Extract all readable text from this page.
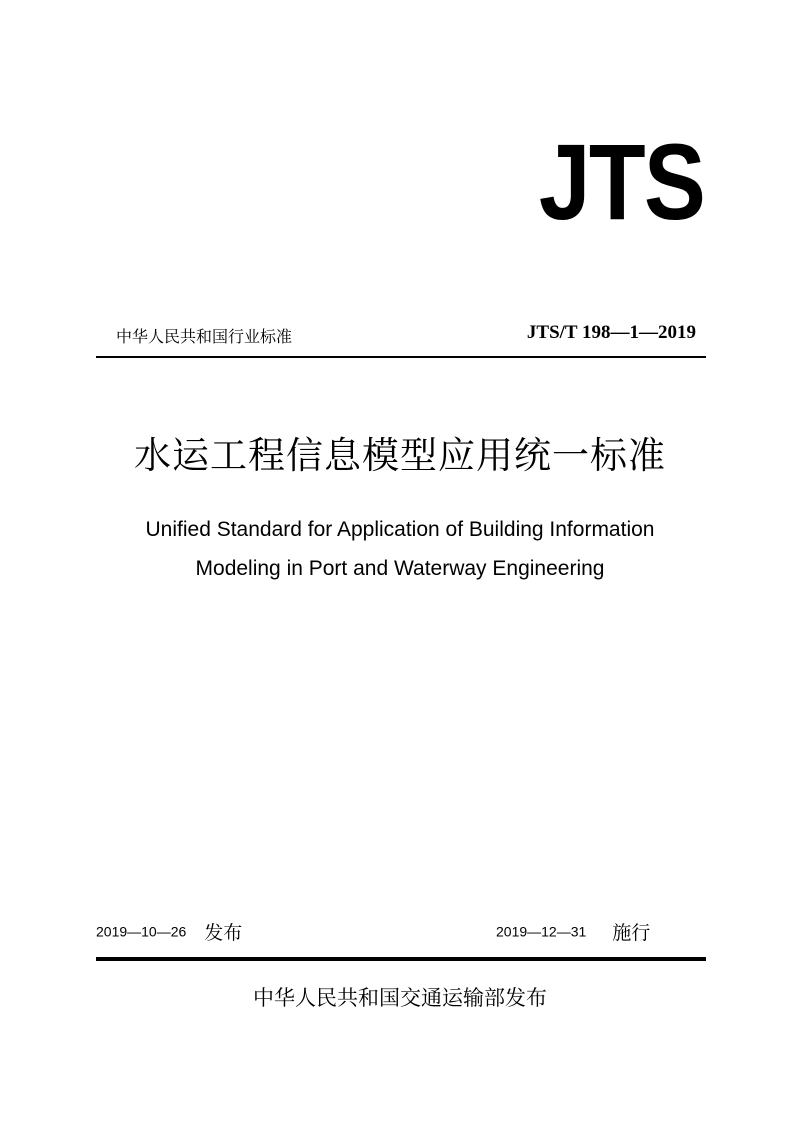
JTS
中华人民共和国行业标准	JTS/T 198—1—2019
水运工程信息模型应用统一标准
Unified Standard for Application of Building Information
Modeling in Port and Waterway Engineering
2019—10—26 发布	2019—12—31 施行
中华人民共和国交通运输部发布
